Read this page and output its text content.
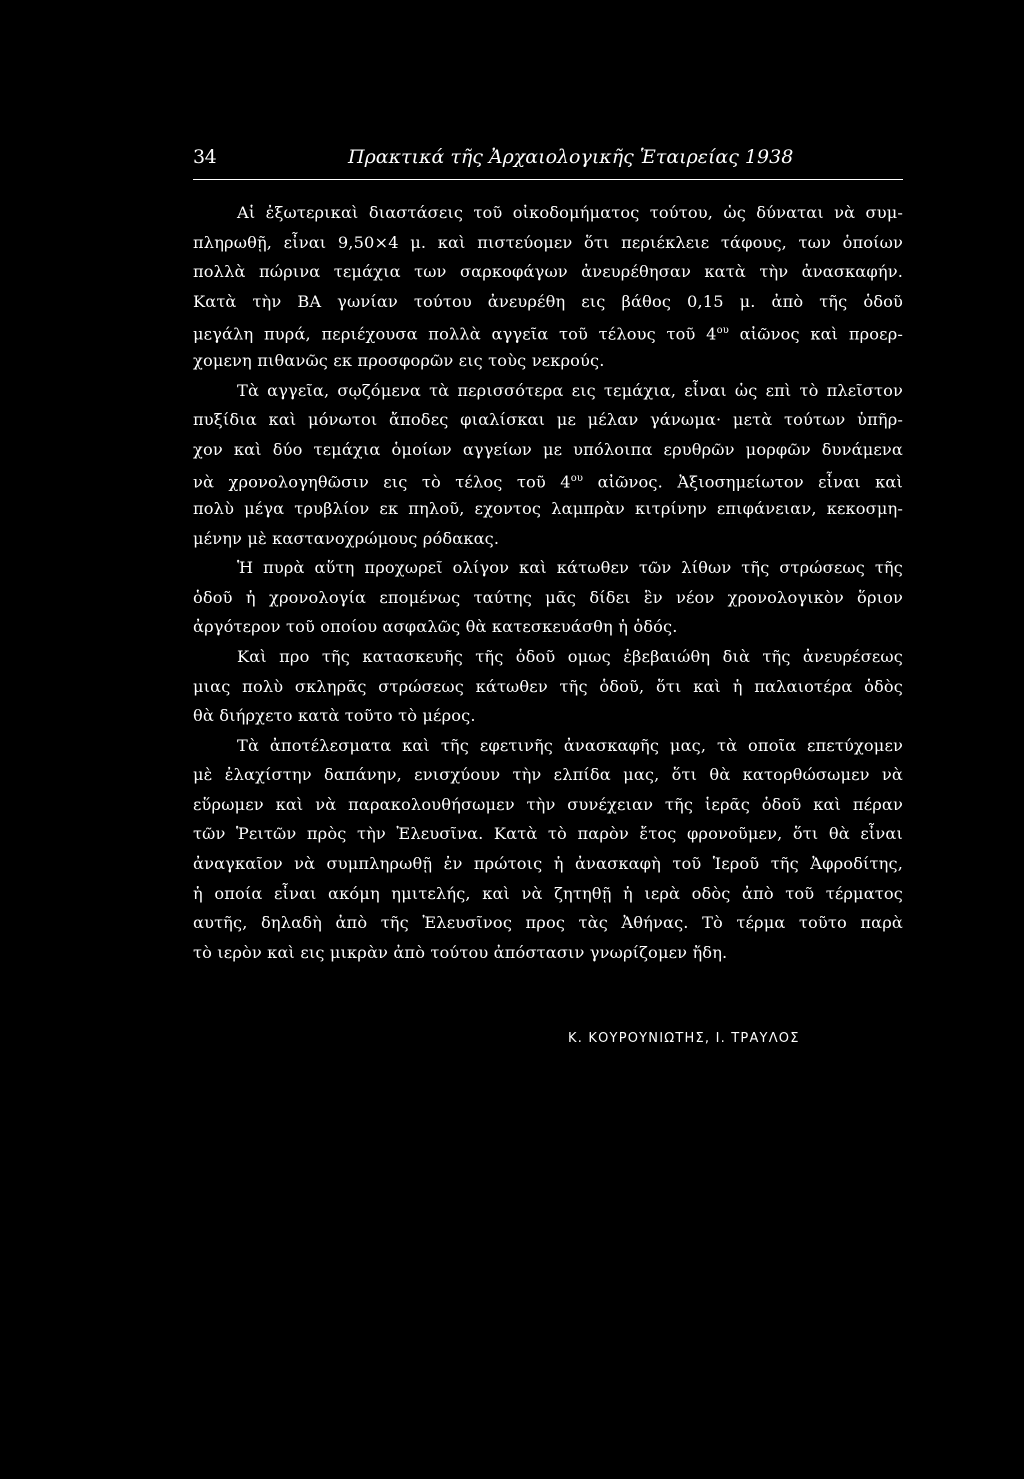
34	Πρακτικά τῆς Ἀρχαιολογικῆς Ἑταιρείας 1938
Αἱ ἐξωτερικαὶ διαστάσεις τοῦ οἰκοδομήματος τούτου, ὡς δύναται νὰ συμ-
πληρωθῇ, εἶναι 9,50×4 μ. καὶ πιστεύομεν ὅτι περιέκλειε τάφους, των ὁποίων
πολλὰ πώρινα τεμάχια των σαρκοφάγων ἀνευρέθησαν κατὰ τὴν ἀνασκαφήν.
Κατὰ τὴν ΒΑ γωνίαν τούτου ἀνευρέθη εις βάθος 0,15 μ. ἀπὸ τῆς ὁδοῦ
μεγάλη πυρά, περιέχουσα πολλὰ αγγεῖα τοῦ τέλους τοῦ $4^{o\upsilon}$ αἰῶνος καὶ προερ-
χομενη πιθανῶς εκ προσφορῶν εις τοὺς νεκρούς.
Τὰ αγγεῖα, σῳζόμενα τὰ περισσότερα εις τεμάχια, εἶναι ὡς επὶ τὸ πλεῖστον
πυξίδια καὶ μόνωτοι ἄποδες φιαλίσκαι με μέλαν γάνωμα· μετὰ τούτων ὑπῆρ-
χον καὶ δύο τεμάχια ὁμοίων αγγείων με υπόλοιπα ερυθρῶν μορφῶν δυνάμενα
νὰ χρονολογηθῶσιν εις τὸ τέλος τοῦ $4^{o\upsilon}$ αἰῶνος. Ἀξιοσημείωτον εἶναι καὶ
πολὺ μέγα τρυβλίον εκ πηλοῦ, εχοντος λαμπρὰν κιτρίνην επιφάνειαν, κεκοσμη-
μένην μὲ καστανοχρώμους ρόδακας.
Ἡ πυρὰ αὕτη προχωρεῖ ολίγον καὶ κάτωθεν τῶν λίθων τῆς στρώσεως τῆς
ὁδοῦ ἡ χρονολογία επομένως ταύτης μᾶς δίδει ἓν νέον χρονολογικὸν ὅριον
ἀργότερον τοῦ οποίου ασφαλῶς θὰ κατεσκευάσθη ἡ ὁδός.
Καὶ προ τῆς κατασκευῆς τῆς ὁδοῦ ομως ἐβεβαιώθη διὰ τῆς ἀνευρέσεως
μιας πολὺ σκληρᾶς στρώσεως κάτωθεν τῆς ὁδοῦ, ὅτι καὶ ἡ παλαιοτέρα ὁδὸς
θὰ διήρχετο κατὰ τοῦτο τὸ μέρος.
Τὰ ἀποτέλεσματα καὶ τῆς εφετινῆς ἀνασκαφῆς μας, τὰ οποῖα επετύχομεν
μὲ ἐλαχίστην δαπάνην, ενισχύουν τὴν ελπίδα μας, ὅτι θὰ κατορθώσωμεν νὰ
εὕρωμεν καὶ νὰ παρακολουθήσωμεν τὴν συνέχειαν τῆς ἱερᾶς ὁδοῦ καὶ πέραν
τῶν Ῥειτῶν πρὸς τὴν Ἐλευσῖνα. Κατὰ τὸ παρὸν ἔτος φρονοῦμεν, ὅτι θὰ εἶναι
ἀναγκαῖον νὰ συμπληρωθῇ ἐν πρώτοις ἡ ἀνασκαφὴ τοῦ Ἱεροῦ τῆς Ἀφροδίτης,
ἡ οποία εἶναι ακόμη ημιτελής, καὶ νὰ ζητηθῇ ἡ ιερὰ οδὸς ἀπὸ τοῦ τέρματος
αυτῆς, δηλαδὴ ἀπὸ τῆς Ἐλευσῖνος προς τὰς Ἀθήνας. Τὸ τέρμα τοῦτο παρὰ
τὸ ιερὸν καὶ εις μικρὰν ἀπὸ τούτου ἀπόστασιν γνωρίζομεν ἤδη.
Κ. ΚΟΥΡΟΥΝΙΩΤΗΣ, Ι. ΤΡΑΥΛΟΣ
